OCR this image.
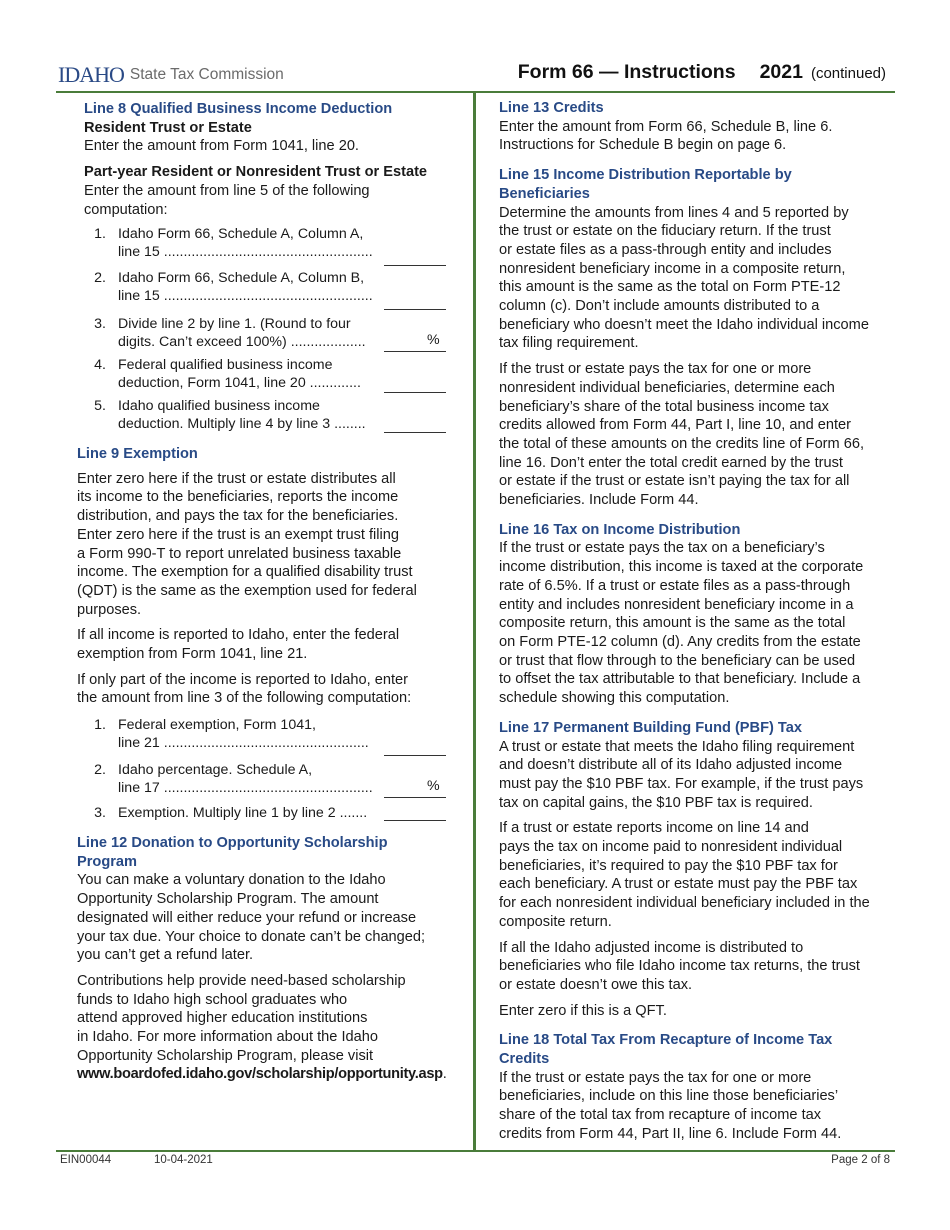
IDAHO State Tax Commission	Form 66 — Instructions 2021 (continued)

Line 8 Qualified Business Income Deduction

Resident Trust or Estate

Enter the amount from Form 1041, line 20.

Part-year Resident or Nonresident Trust or Estate

Enter the amount from line 5 of the following

computation:

1. Idaho Form 66, Schedule A, Column A,
line 15 .....................................................
2. Idaho Form 66, Schedule A, Column B,
line 15 .....................................................
3. Divide line 2 by line 1. (Round to four
digits. Can’t exceed 100%) ...................	%
4. Federal qualified business income
deduction, Form 1041, line 20 .............
5. Idaho qualified business income
deduction. Multiply line 4 by line 3 ........

Line 9 Exemption

Enter zero here if the trust or estate distributes all

its income to the beneficiaries, reports the income

distribution, and pays the tax for the beneficiaries.

Enter zero here if the trust is an exempt trust filing

a Form 990-T to report unrelated business taxable

income. The exemption for a qualified disability trust

(QDT) is the same as the exemption used for federal

purposes.

If all income is reported to Idaho, enter the federal

exemption from Form 1041, line 21.

If only part of the income is reported to Idaho, enter

the amount from line 3 of the following computation:

1. Federal exemption, Form 1041,
line 21 ....................................................
2. Idaho percentage. Schedule A,
line 17 .....................................................	%
3. Exemption. Multiply line 1 by line 2 .......

Line 12 Donation to Opportunity Scholarship

Program

You can make a voluntary donation to the Idaho

Opportunity Scholarship Program. The amount

designated will either reduce your refund or increase

your tax due. Your choice to donate can’t be changed;

you can’t get a refund later.

Contributions help provide need-based scholarship

funds to Idaho high school graduates who

attend approved higher education institutions

in Idaho. For more information about the Idaho

Opportunity Scholarship Program, please visit

www.boardofed.idaho.gov/scholarship/opportunity.asp.

Line 13 Credits

Enter the amount from Form 66, Schedule B, line 6.

Instructions for Schedule B begin on page 6.

Line 15 Income Distribution Reportable by

Beneficiaries

Determine the amounts from lines 4 and 5 reported by

the trust or estate on the fiduciary return. If the trust

or estate files as a pass-through entity and includes

nonresident beneficiary income in a composite return,

this amount is the same as the total on Form PTE-12

column (c). Don’t include amounts distributed to a

beneficiary who doesn’t meet the Idaho individual income

tax filing requirement.

If the trust or estate pays the tax for one or more

nonresident individual beneficiaries, determine each

beneficiary’s share of the total business income tax

credits allowed from Form 44, Part I, line 10, and enter

the total of these amounts on the credits line of Form 66,

line 16. Don’t enter the total credit earned by the trust

or estate if the trust or estate isn’t paying the tax for all

beneficiaries. Include Form 44.

Line 16 Tax on Income Distribution

If the trust or estate pays the tax on a beneficiary’s

income distribution, this income is taxed at the corporate

rate of 6.5%. If a trust or estate files as a pass-through

entity and includes nonresident beneficiary income in a

composite return, this amount is the same as the total

on Form PTE-12 column (d). Any credits from the estate

or trust that flow through to the beneficiary can be used

to offset the tax attributable to that beneficiary. Include a

schedule showing this computation.

Line 17 Permanent Building Fund (PBF) Tax

A trust or estate that meets the Idaho filing requirement

and doesn’t distribute all of its Idaho adjusted income

must pay the $10 PBF tax. For example, if the trust pays

tax on capital gains, the $10 PBF tax is required.

If a trust or estate reports income on line 14 and

pays the tax on income paid to nonresident individual

beneficiaries, it’s required to pay the $10 PBF tax for

each beneficiary. A trust or estate must pay the PBF tax

for each nonresident individual beneficiary included in the

composite return.

If all the Idaho adjusted income is distributed to

beneficiaries who file Idaho income tax returns, the trust

or estate doesn’t owe this tax.

Enter zero if this is a QFT.

Line 18 Total Tax From Recapture of Income Tax

Credits

If the trust or estate pays the tax for one or more

beneficiaries, include on this line those beneficiaries’

share of the total tax from recapture of income tax

credits from Form 44, Part II, line 6. Include Form 44.

EIN00044	10-04-2021	Page 2 of 8
